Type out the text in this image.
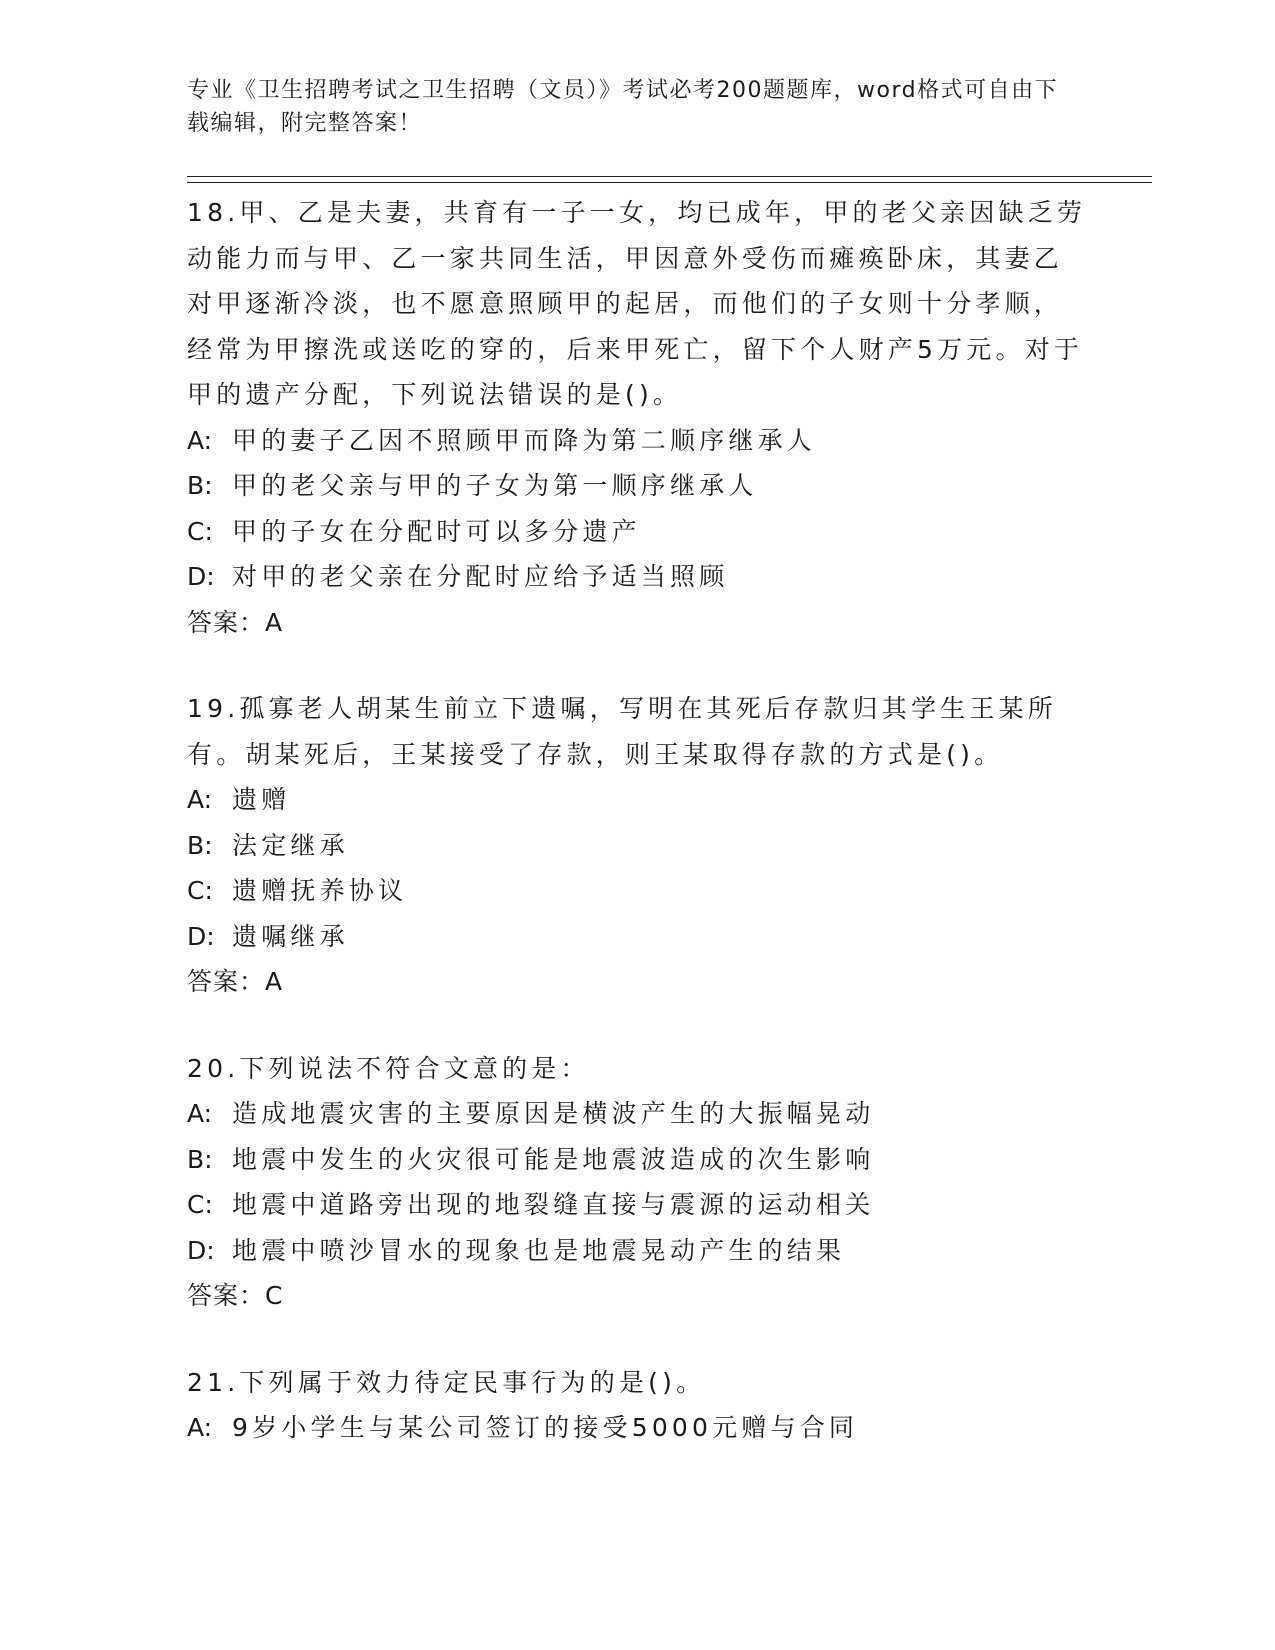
专业《卫生招聘考试之卫生招聘（文员）》考试必考200题题库，word格式可自由下载编辑，附完整答案！

18.甲、乙是夫妻，共育有一子一女，均已成年，甲的老父亲因缺乏劳动能力而与甲、乙一家共同生活，甲因意外受伤而瘫痪卧床，其妻乙对甲逐渐冷淡，也不愿意照顾甲的起居，而他们的子女则十分孝顺，经常为甲擦洗或送吃的穿的，后来甲死亡，留下个人财产5万元。对于甲的遗产分配，下列说法错误的是()。

A: 甲的妻子乙因不照顾甲而降为第二顺序继承人

B: 甲的老父亲与甲的子女为第一顺序继承人

C: 甲的子女在分配时可以多分遗产

D: 对甲的老父亲在分配时应给予适当照顾

答案：A

19.孤寡老人胡某生前立下遗嘱，写明在其死后存款归其学生王某所有。胡某死后，王某接受了存款，则王某取得存款的方式是()。

A: 遗赠

B: 法定继承

C: 遗赠抚养协议

D: 遗嘱继承

答案：A

20.下列说法不符合文意的是：

A: 造成地震灾害的主要原因是横波产生的大振幅晃动

B: 地震中发生的火灾很可能是地震波造成的次生影响

C: 地震中道路旁出现的地裂缝直接与震源的运动相关

D: 地震中喷沙冒水的现象也是地震晃动产生的结果

答案：C

21.下列属于效力待定民事行为的是()。

A: 9岁小学生与某公司签订的接受5000元赠与合同
